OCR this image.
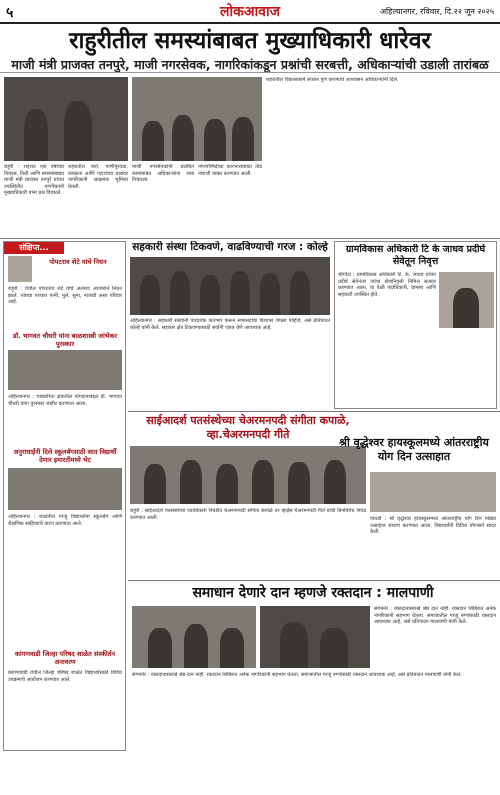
५	लोकआवाज	अहिल्यानगर, रविवार, दि.२२ जून २०२५
राहुरीतील समस्यांबाबत मुख्याधिकारी धारेवर
माजी मंत्री प्राजक्त तनपुरे, माजी नगरसेवक, नागरिकांकडून प्रश्नांची सरबत्ती, अधिकाऱ्यांची उडाली तारांबळ
राहुरी : शहरात एक वर्षाच्या विकास, निधी आणि समस्यांबाबत माजी मंत्री प्राजक्त तनपुरे यांच्या उपस्थितीत नागरिकांनी मुख्याधिकारी यांना प्रश्न विचारले.
शहरातील रस्ते, पाणीपुरवठा, स्वच्छता आणि गटारांच्या प्रश्नांवर नागरिकांनी आक्रमक भूमिका घेतली.
माजी नगरसेवकांनी प्रलंबित कामांबाबत अधिकाऱ्यांना जाब विचारला.
नगरपरिषदेच्या कारभाराबाबत तीव्र नाराजी व्यक्त करण्यात आली.
शहरातील विकासकामे लवकर पूर्ण करण्याचे आश्वासन अधिकाऱ्यांनी दिले.
संक्षिप्त...
पोपटराव शेटे यांचे निधन
राहुरी : येथील पोपटराव शेटे यांचे अल्पशा आजाराने निधन झाले. त्यांच्या पश्चात पत्नी, मुले, सुना, नातवंडे असा परिवार आहे.
डॉ. भागवत चौधरी यांना बाळशास्त्री जांभेकर पुरस्कार
अहिल्यानगर : पत्रकारिता क्षेत्रातील योगदानाबद्दल डॉ. भागवत चौधरी यांना पुरस्कार जाहीर करण्यात आला.
अनुराधाईंनी दिले स्कूलबॅगसाठी सात विद्यार्थी देणार इमारतीमध्ये भेट
अहिल्यानगर : शाळेतील गरजू विद्यार्थ्यांना स्कूलबॅग आणि शैक्षणिक साहित्याचे वाटप करण्यात आले.
कांगणवाडी जिल्हा परिषद शाळेत संस्कीर्तन अनावरण
कांगणवाडी येथील जिल्हा परिषद शाळेत विद्यार्थ्यांसाठी विविध उपक्रमांचे आयोजन करण्यात आले.
सहकारी संस्था टिकवणे, वाढविण्याची गरज : कोल्हे
अहिल्यानगर : सहकारी संस्थांनी पारदर्शक कारभार करून सभासदांचा विश्वास जपला पाहिजे, असे प्रतिपादन कोल्हे यांनी केले. सहकार क्षेत्र टिकवण्यासाठी सर्वांनी एकत्र येणे आवश्यक आहे.
ग्रामविकास अधिकारी टि के जाधव प्रदीर्घ सेवेतून निवृत्त
श्रीगोंदा : ग्रामविकास अधिकारी टि. के. जाधव यांच्या प्रदीर्घ सेवेनंतर त्यांचा सेवानिवृत्ती निमित्त सत्कार करण्यात आला. या वेळी पदाधिकारी, ग्रामस्थ आणि सहकारी उपस्थित होते.
साईआदर्श पतसंस्थेच्या चेअरमनपदी संगीता कपाळे, व्हा.चेअरमनपदी गीते
राहुरी : साईआदर्श पतसंस्थेच्या पदाधिकारी निवडीत चेअरमनपदी संगीता कपाळे तर व्हाईस चेअरमनपदी गीते यांची बिनविरोध निवड करण्यात आली.
श्री वृद्धेश्वर हायस्कूलमध्ये आंतरराष्ट्रीय योग दिन उत्साहात
पाथर्डी : श्री वृद्धेश्वर हायस्कूलमध्ये आंतरराष्ट्रीय योग दिन मोठ्या उत्साहात साजरा करण्यात आला. विद्यार्थ्यांनी विविध योगासने सादर केली.
समाधान देणारे दान म्हणजे रक्तदान : मालपाणी
संगमनेर : रक्तदानासारखे श्रेष्ठ दान नाही. रक्तदान शिबिरात अनेक नागरिकांनी सहभाग घेतला. समाजातील गरजू रुग्णांसाठी रक्तदान आवश्यक आहे, असे प्रतिपादन मालपाणी यांनी केले.
संगमनेर : रक्तदानासारखे श्रेष्ठ दान नाही. रक्तदान शिबिरात अनेक नागरिकांनी सहभाग घेतला. समाजातील गरजू रुग्णांसाठी रक्तदान आवश्यक आहे, असे प्रतिपादन मालपाणी यांनी केले.
